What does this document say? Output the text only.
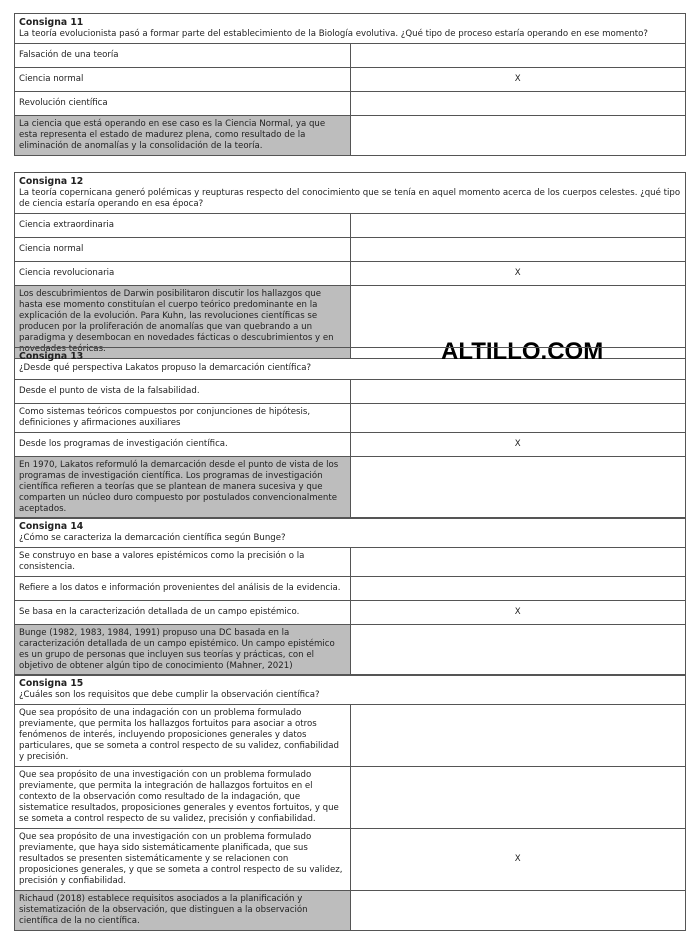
Consigna 11
La teoría evolucionista pasó a formar parte del establecimiento de la Biología evolutiva. ¿Qué tipo de proceso estaría operando en ese momento?	

Falsación de una teoría	
Ciencia normal	X
Revolución científica	
La ciencia que está operando en ese caso es la Ciencia Normal, ya que esta representa el estado de madurez plena, como resultado de la eliminación de anomalías y la consolidación de la teoría.	
Consigna 12
La teoría copernicana generó polémicas y reupturas respecto del conocimiento que se tenía en aquel momento acerca de los cuerpos celestes. ¿qué tipo de ciencia estaría operando en esa época?	

Ciencia extraordinaria	
Ciencia normal	
Ciencia revolucionaria	X
Los descubrimientos de Darwin posibilitaron discutir los hallazgos que hasta ese momento constituían el cuerpo teórico predominante en la explicación de la evolución. Para Kuhn, las revoluciones científicas se producen por la proliferación de anomalías que van quebrando a un paradigma y desembocan en novedades fácticas o descubrimientos y en novedades teóricas.		ALTILLO.COM
Consigna 13
¿Desde qué perspectiva Lakatos propuso la demarcación científica?	

Desde el punto de vista de la falsabilidad.	
Como sistemas teóricos compuestos por conjunciones de hipótesis, definiciones y afirmaciones auxiliares	
Desde los programas de investigación científica.	X
En 1970, Lakatos reformuló la demarcación desde el punto de vista de los programas de investigación científica. Los programas de investigación científica refieren a teorías que se plantean de manera sucesiva y que comparten un núcleo duro compuesto por postulados convencionalmente aceptados.	
Consigna 14
¿Cómo se caracteriza la demarcación científica según Bunge?	

Se construyo en base a valores epistémicos como la precisión o la consistencia.	
Refiere a los datos e información provenientes del análisis de la evidencia.	
Se basa en la caracterización detallada de un campo epistémico.	X
Bunge (1982, 1983, 1984, 1991) propuso una DC basada en la caracterización detallada de un campo epistémico. Un campo epistémico es un grupo de personas que incluyen sus teorías y prácticas, con el objetivo de obtener algún tipo de conocimiento (Mahner, 2021)	
Consigna 15
¿Cuáles son los requisitos que debe cumplir la observación científica?	

Que sea propósito de una indagación con un problema formulado previamente, que permita los hallazgos fortuitos para asociar a otros fenómenos de interés, incluyendo proposiciones generales y datos particulares, que se someta a control respecto de su validez, confiabilidad y precisión.	
Que sea propósito de una investigación con un problema formulado previamente, que permita la integración de hallazgos fortuitos en el contexto de la observación como resultado de la indagación, que sistematice resultados, proposiciones generales y eventos fortuitos, y que se someta a control respecto de su validez, precisión y confiabilidad.	
Que sea propósito de una investigación con un problema formulado previamente, que haya sido sistemáticamente planificada, que sus resultados se presenten sistemáticamente y se relacionen con proposiciones generales, y que se someta a control respecto de su validez, precisión y confiabilidad.	X
Richaud (2018) establece requisitos asociados a la planificación y sistematización de la observación, que distinguen a la observación científica de la no científica.	
